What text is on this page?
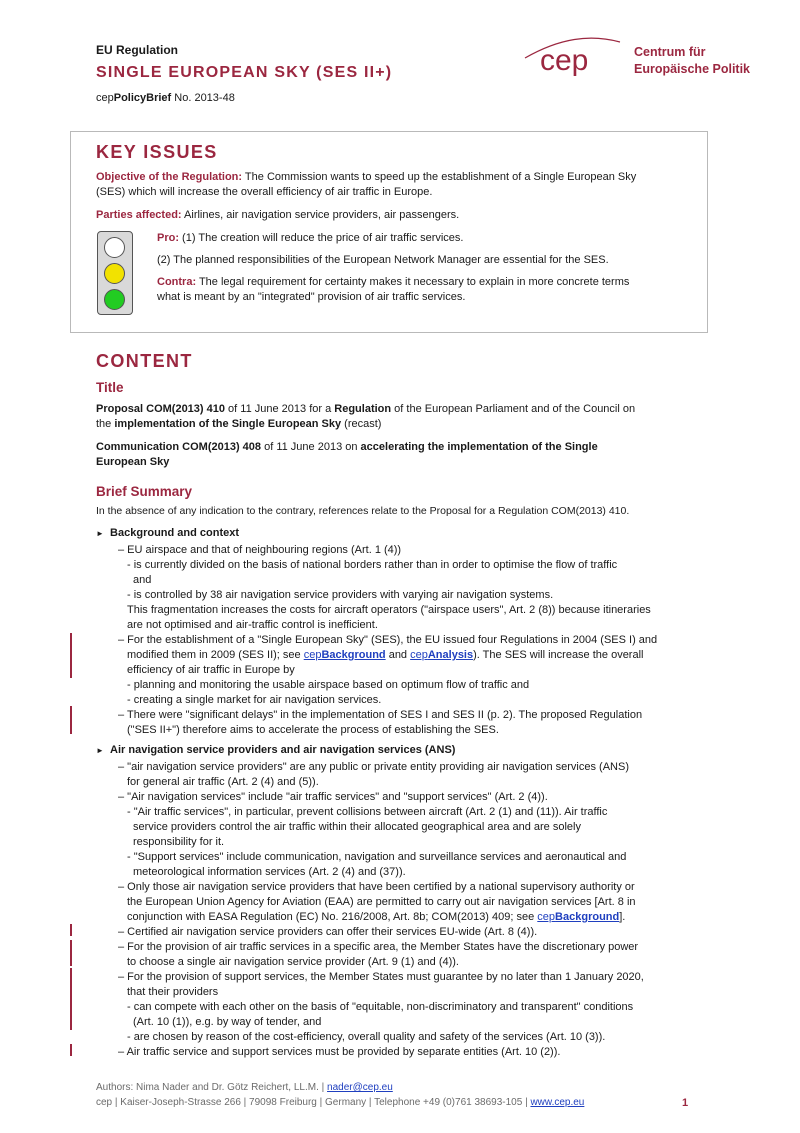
EU Regulation
SINGLE EUROPEAN SKY (SES II+)
cepPolicyBrief No. 2013-48
cep	Centrum für
Europäische Politik
KEY ISSUES
Objective of the Regulation: The Commission wants to speed up the establishment of a Single European Sky
(SES) which will increase the overall efficiency of air traffic in Europe.
Parties affected: Airlines, air navigation service providers, air passengers.
Pro: (1) The creation will reduce the price of air traffic services.
(2) The planned responsibilities of the European Network Manager are essential for the SES.
Contra: The legal requirement for certainty makes it necessary to explain in more concrete terms
what is meant by an "integrated" provision of air traffic services.
CONTENT
Title
Proposal COM(2013) 410 of 11 June 2013 for a Regulation of the European Parliament and of the Council on
the implementation of the Single European Sky (recast)
Communication COM(2013) 408 of 11 June 2013 on accelerating the implementation of the Single
European Sky
Brief Summary
In the absence of any indication to the contrary, references relate to the Proposal for a Regulation COM(2013) 410.
► Background and context
– EU airspace and that of neighbouring regions (Art. 1 (4))
- is currently divided on the basis of national borders rather than in order to optimise the flow of traffic
and
- is controlled by 38 air navigation service providers with varying air navigation systems.
This fragmentation increases the costs for aircraft operators ("airspace users", Art. 2 (8)) because itineraries
are not optimised and air-traffic control is inefficient.
– For the establishment of a "Single European Sky" (SES), the EU issued four Regulations in 2004 (SES I) and
modified them in 2009 (SES II); see cepBackground and cepAnalysis). The SES will increase the overall
efficiency of air traffic in Europe by
- planning and monitoring the usable airspace based on optimum flow of traffic and
- creating a single market for air navigation services.
– There were "significant delays" in the implementation of SES I and SES II (p. 2). The proposed Regulation
("SES II+") therefore aims to accelerate the process of establishing the SES.
► Air navigation service providers and air navigation services (ANS)
– "air navigation service providers" are any public or private entity providing air navigation services (ANS)
for general air traffic (Art. 2 (4) and (5)).
– "Air navigation services" include "air traffic services" and "support services" (Art. 2 (4)).
- "Air traffic services", in particular, prevent collisions between aircraft (Art. 2 (1) and (11)). Air traffic
service providers control the air traffic within their allocated geographical area and are solely
responsibility for it.
- "Support services" include communication, navigation and surveillance services and aeronautical and
meteorological information services (Art. 2 (4) and (37)).
– Only those air navigation service providers that have been certified by a national supervisory authority or
the European Union Agency for Aviation (EAA) are permitted to carry out air navigation services [Art. 8 in
conjunction with EASA Regulation (EC) No. 216/2008, Art. 8b; COM(2013) 409; see cepBackground].
– Certified air navigation service providers can offer their services EU-wide (Art. 8 (4)).
– For the provision of air traffic services in a specific area, the Member States have the discretionary power
to choose a single air navigation service provider (Art. 9 (1) and (4)).
– For the provision of support services, the Member States must guarantee by no later than 1 January 2020,
that their providers
- can compete with each other on the basis of "equitable, non-discriminatory and transparent" conditions
(Art. 10 (1)), e.g. by way of tender, and
- are chosen by reason of the cost-efficiency, overall quality and safety of the services (Art. 10 (3)).
– Air traffic service and support services must be provided by separate entities (Art. 10 (2)).
Authors: Nima Nader and Dr. Götz Reichert, LL.M. | nader@cep.eu
cep | Kaiser-Joseph-Strasse 266 | 79098 Freiburg | Germany | Telephone +49 (0)761 38693-105 | www.cep.eu	1
